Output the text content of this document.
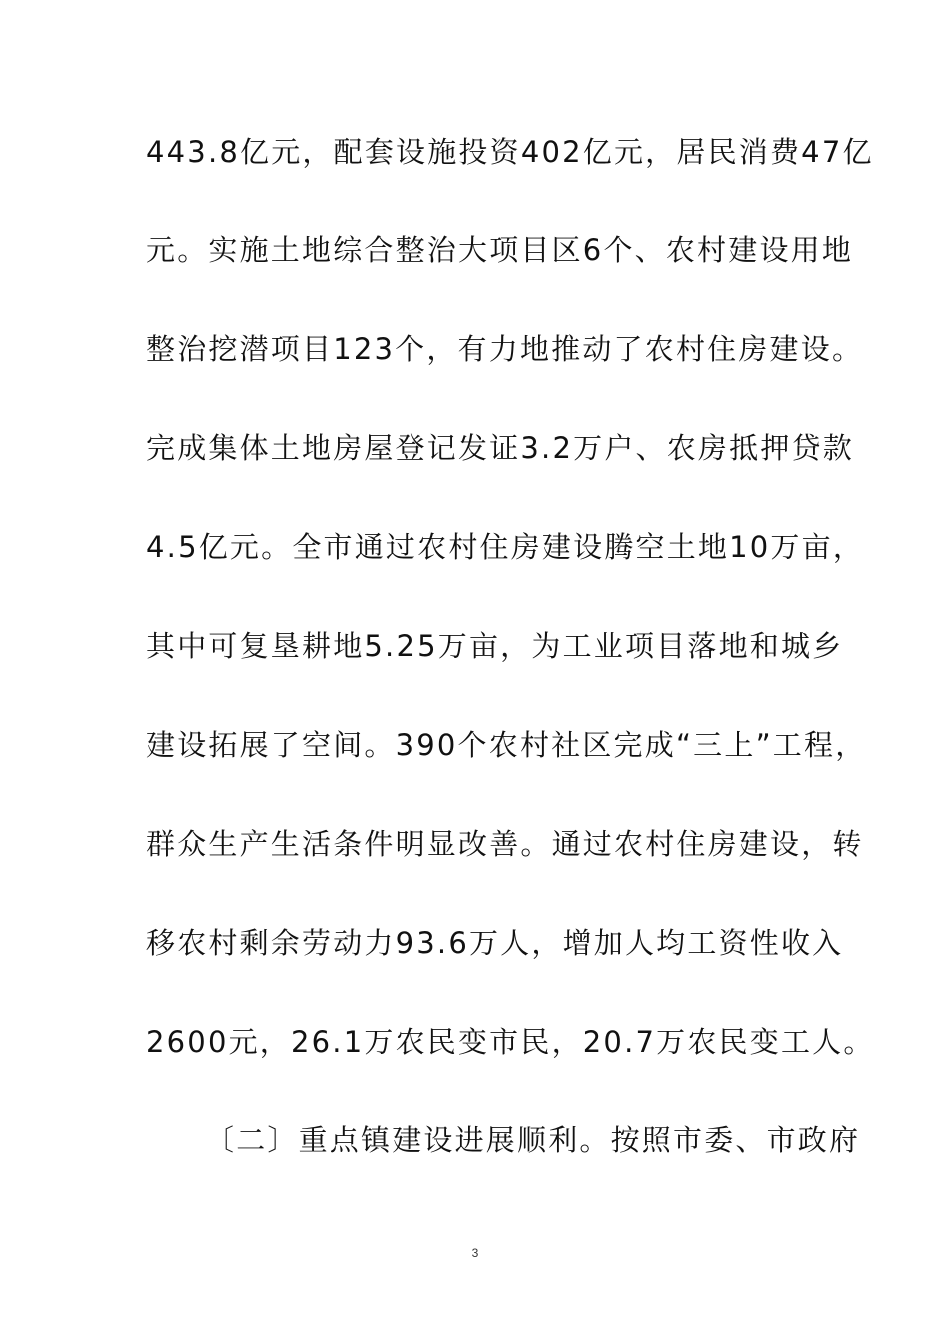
443.8亿元，配套设施投资402亿元，居民消费47亿
元。实施土地综合整治大项目区6个、农村建设用地
整治挖潜项目123个，有力地推动了农村住房建设。
完成集体土地房屋登记发证3.2万户、农房抵押贷款
4.5亿元。全市通过农村住房建设腾空土地10万亩，
其中可复垦耕地5.25万亩，为工业项目落地和城乡
建设拓展了空间。390个农村社区完成“三上”工程，
群众生产生活条件明显改善。通过农村住房建设，转
移农村剩余劳动力93.6万人，增加人均工资性收入
2600元，26.1万农民变市民，20.7万农民变工人。
〔二〕重点镇建设进展顺利。按照市委、市政府
3
